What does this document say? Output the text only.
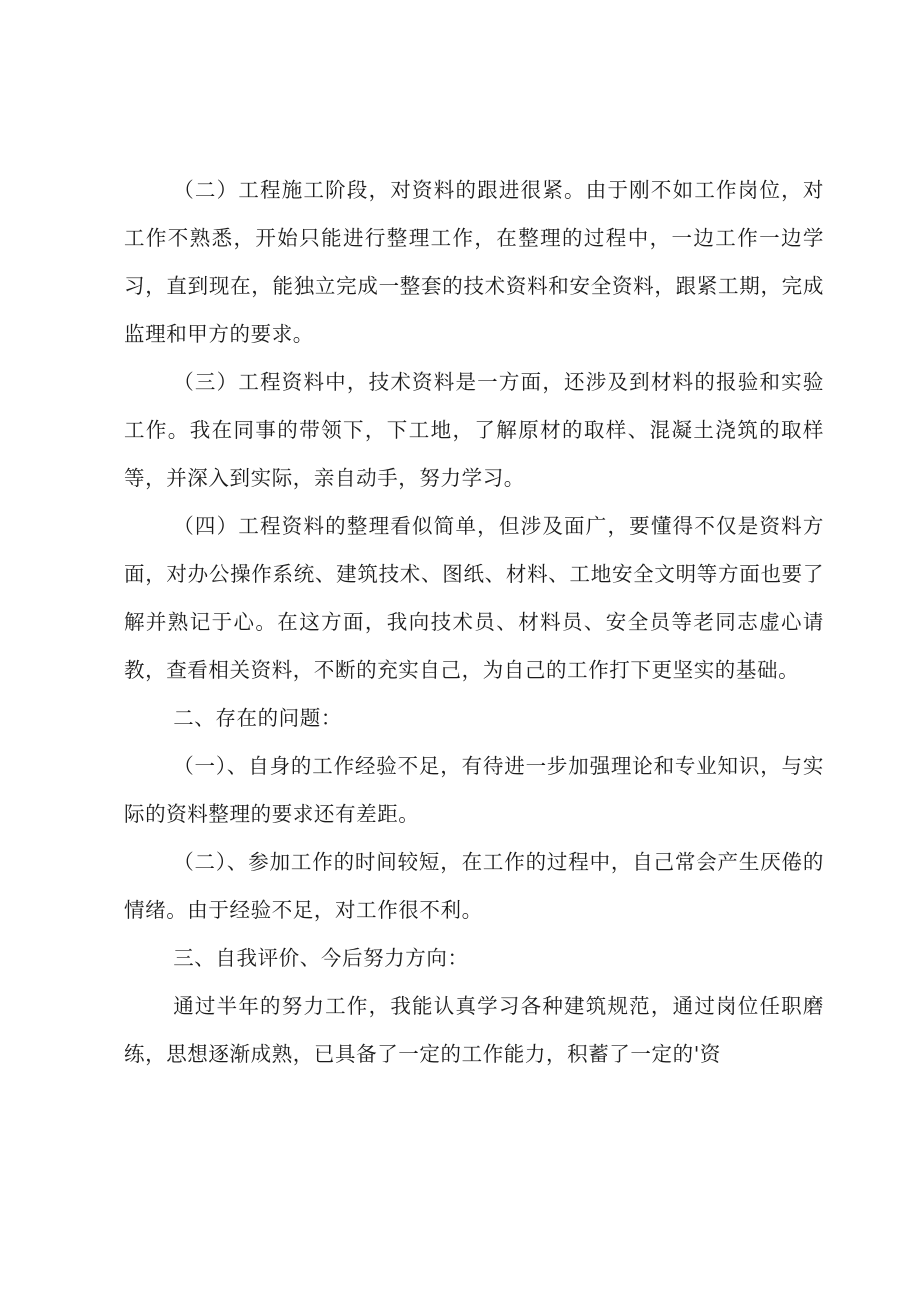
（二）工程施工阶段，对资料的跟进很紧。由于刚不如工作岗位，对工作不熟悉，开始只能进行整理工作，在整理的过程中，一边工作一边学习，直到现在，能独立完成一整套的技术资料和安全资料，跟紧工期，完成监理和甲方的要求。

（三）工程资料中，技术资料是一方面，还涉及到材料的报验和实验工作。我在同事的带领下，下工地，了解原材的取样、混凝土浇筑的取样等，并深入到实际，亲自动手，努力学习。

（四）工程资料的整理看似简单，但涉及面广，要懂得不仅是资料方面，对办公操作系统、建筑技术、图纸、材料、工地安全文明等方面也要了解并熟记于心。在这方面，我向技术员、材料员、安全员等老同志虚心请教，查看相关资料，不断的充实自己，为自己的工作打下更坚实的基础。

二、存在的问题：

（一）、自身的工作经验不足，有待进一步加强理论和专业知识，与实际的资料整理的要求还有差距。

（二）、参加工作的时间较短，在工作的过程中，自己常会产生厌倦的情绪。由于经验不足，对工作很不利。

三、自我评价、今后努力方向：

通过半年的努力工作，我能认真学习各种建筑规范，通过岗位任职磨练，思想逐渐成熟，已具备了一定的工作能力，积蓄了一定的'资
